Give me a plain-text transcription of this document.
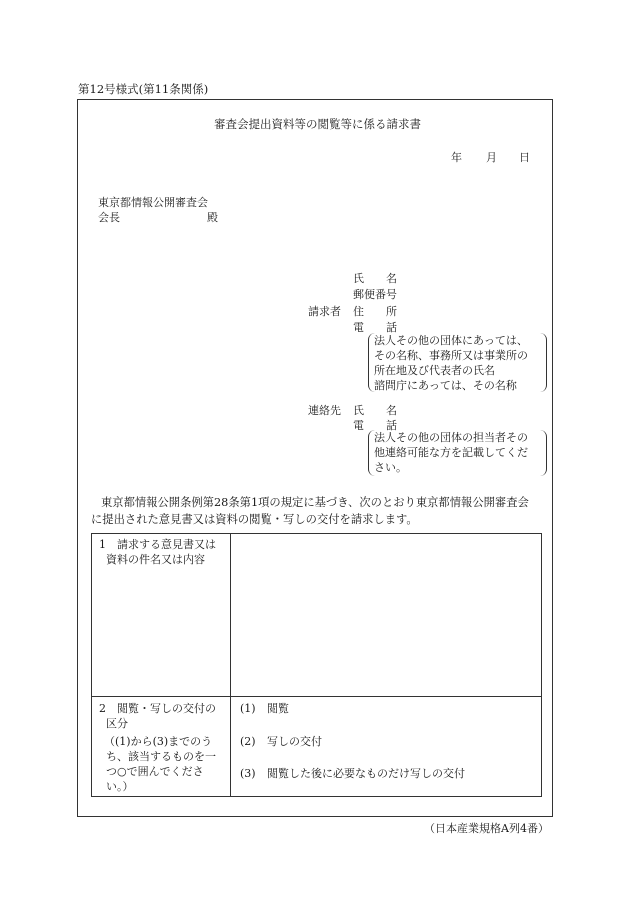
第12号様式(第11条関係)
審査会提出資料等の閲覧等に係る請求書
年 月 日
東京都情報公開審査会
会長	殿
請求者
氏　　名
郵便番号
住　　所
電　　話
法人その他の団体にあっては、
その名称、事務所又は事業所の
所在地及び代表者の氏名
諮問庁にあっては、その名称
連絡先 氏　　名
電　　話
法人その他の団体の担当者その
他連絡可能な方を記載してくだ
さい。
東京都情報公開条例第28条第1項の規定に基づき、次のとおり東京都情報公開審査会
に提出された意見書又は資料の閲覧・写しの交付を請求します。
1　請求する意見書又は
資料の件名又は内容
2　閲覧・写しの交付の
区分
（(1)から(3)までのう
ち、該当するものを一
つ○で囲んでくださ
い。）
(1) 閲覧
(2) 写しの交付
(3) 閲覧した後に必要なものだけ写しの交付
（日本産業規格A列4番）
